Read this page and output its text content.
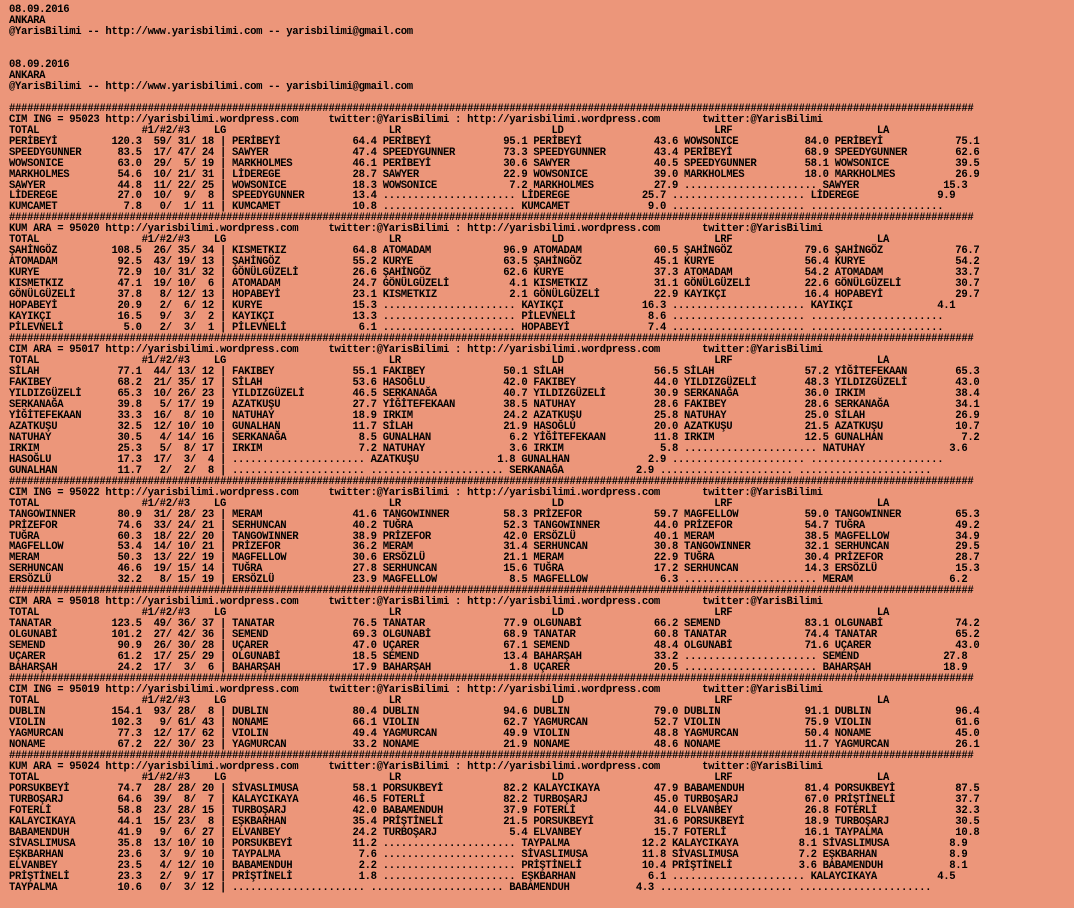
08.09.2016
ANKARA
@YarisBilimi -- http://www.yarisbilimi.com -- yarisbilimi@gmail.com
08.09.2016
ANKARA
@YarisBilimi -- http://www.yarisbilimi.com -- yarisbilimi@gmail.com
################################################################################################################################################################
CIM ING = 95023 http://yarisbilimi.wordpress.com     twitter:@YarisBilimi : http://yarisbilimi.wordpress.com       twitter:@YarisBilimi
TOTAL                 #1/#2/#3    LG                           LR                         LD                         LRF                        LA
PERİBEYİ         120.3  59/ 31/ 18 | PERİBEYİ            64.4 PERİBEYİ            95.1 PERİBEYİ            43.6 WOWSONICE           84.0 PERİBEYİ            75.1
SPEEDYGUNNER      83.5  17/ 47/ 24 | SAWYER              47.4 SPEEDYGUNNER        73.3 SPEEDYGUNNER        43.4 PERİBEYİ            68.9 SPEEDYGUNNER        62.6
WOWSONICE         63.0  29/  5/ 19 | MARKHOLMES          46.1 PERİBEYİ            30.6 SAWYER              40.5 SPEEDYGUNNER        58.1 WOWSONICE           39.5
MARKHOLMES        54.6  10/ 21/ 31 | LİDEREGE            28.7 SAWYER              22.9 WOWSONICE           39.0 MARKHOLMES          18.0 MARKHOLMES          26.9
SAWYER            44.8  11/ 22/ 25 | WOWSONICE           18.3 WOWSONICE            7.2 MARKHOLMES          27.9 ...................... SAWYER              15.3
LİDEREGE          27.0  10/  9/  8 | SPEEDYGUNNER        13.4 ...................... LİDEREGE            25.7 ...................... LİDEREGE             9.9
KUMCAMET           7.8   0/  1/ 11 | KUMCAMET            10.8 ...................... KUMCAMET             9.0 ...................... ......................
################################################################################################################################################################
KUM ARA = 95020 http://yarisbilimi.wordpress.com     twitter:@YarisBilimi : http://yarisbilimi.wordpress.com       twitter:@YarisBilimi
TOTAL                 #1/#2/#3    LG                           LR                         LD                         LRF                        LA
ŞAHİNGÖZ         108.5  26/ 35/ 34 | KISMETKIZ           64.8 ATOMADAM            96.9 ATOMADAM            60.5 ŞAHİNGÖZ            79.6 ŞAHİNGÖZ            76.7
ATOMADAM          92.5  43/ 19/ 13 | ŞAHİNGÖZ            55.2 KURYE               63.5 ŞAHİNGÖZ            45.1 KURYE               56.4 KURYE               54.2
KURYE             72.9  10/ 31/ 32 | GÖNÜLGÜZELİ         26.6 ŞAHİNGÖZ            62.6 KURYE               37.3 ATOMADAM            54.2 ATOMADAM            33.7
KISMETKIZ         47.1  19/ 10/  6 | ATOMADAM            24.7 GÖNÜLGÜZELİ          4.1 KISMETKIZ           31.1 GÖNÜLGÜZELİ         22.6 GÖNÜLGÜZELİ         30.7
GÖNÜLGÜZELİ       37.8   8/ 12/ 13 | HOPABEYİ            23.1 KISMETKIZ            2.1 GÖNÜLGÜZELİ         22.9 KAYIKÇI             16.4 HOPABEYİ            29.7
HOPABEYİ          20.9   2/  6/ 12 | KURYE               15.3 ...................... KAYIKÇI             16.3 ...................... KAYIKÇI              4.1
KAYIKÇI           16.5   9/  3/  2 | KAYIKÇI             13.3 ...................... PİLEVNELİ            8.6 ...................... ......................
PİLEVNELİ          5.0   2/  3/  1 | PİLEVNELİ            6.1 ...................... HOPABEYİ             7.4 ...................... ......................
################################################################################################################################################################
CIM ARA = 95017 http://yarisbilimi.wordpress.com     twitter:@YarisBilimi : http://yarisbilimi.wordpress.com       twitter:@YarisBilimi
TOTAL                 #1/#2/#3    LG                           LR                         LD                         LRF                        LA
SİLAH             77.1  44/ 13/ 12 | FAKIBEY             55.1 FAKIBEY             50.1 SİLAH               56.5 SİLAH               57.2 YİĞİTEFEKAAN        65.3
FAKIBEY           68.2  21/ 35/ 17 | SİLAH               53.6 HASOĞLU             42.0 FAKIBEY             44.0 YILDIZGÜZELİ        48.3 YILDIZGÜZELİ        43.0
YILDIZGÜZELİ      65.3  10/ 26/ 23 | YILDIZGÜZELİ        46.5 SERKANAĞA           40.7 YILDIZGÜZELİ        30.9 SERKANAĞA           36.0 IRKIM               38.4
SERKANAĞA         39.8   5/ 17/ 19 | AZATKUŞU            27.7 YİĞİTEFEKAAN        38.5 NATUHAY             28.6 FAKIBEY             28.6 SERKANAĞA           34.1
YİĞİTEFEKAAN      33.3  16/  8/ 10 | NATUHAY             18.9 IRKIM               24.2 AZATKUŞU            25.8 NATUHAY             25.0 SİLAH               26.9
AZATKUŞU          32.5  12/ 10/ 10 | GUNALHAN            11.7 SİLAH               21.9 HASOĞLU             20.0 AZATKUŞU            21.5 AZATKUŞU            10.7
NATUHAY           30.5   4/ 14/ 16 | SERKANAĞA            8.5 GUNALHAN             6.2 YİĞİTEFEKAAN        11.8 IRKIM               12.5 GUNALHAN             7.2
IRKIM             25.3   5/  8/ 17 | IRKIM                7.2 NATUHAY              3.6 IRKIM                5.8 ...................... NATUHAY              3.6
HASOĞLU           17.3  17/  3/  4 | ...................... AZATKUŞU             1.8 GUNALHAN             2.9 ...................... ......................
GUNALHAN          11.7   2/  2/  8 | ...................... ...................... SERKANAĞA            2.9 ...................... ......................
################################################################################################################################################################
CIM ING = 95022 http://yarisbilimi.wordpress.com     twitter:@YarisBilimi : http://yarisbilimi.wordpress.com       twitter:@YarisBilimi
TOTAL                 #1/#2/#3    LG                           LR                         LD                         LRF                        LA
TANGOWINNER       80.9  31/ 28/ 23 | MERAM               41.6 TANGOWINNER         58.3 PRİZEFOR            59.7 MAGFELLOW           59.0 TANGOWINNER         65.3
PRİZEFOR          74.6  33/ 24/ 21 | SERHUNCAN           40.2 TUĞRA               52.3 TANGOWINNER         44.0 PRİZEFOR            54.7 TUĞRA               49.2
TUĞRA             60.3  18/ 22/ 20 | TANGOWINNER         38.9 PRİZEFOR            42.0 ERSÖZLÜ             40.1 MERAM               38.5 MAGFELLOW           34.9
MAGFELLOW         53.4  14/ 10/ 21 | PRİZEFOR            36.2 MERAM               31.4 SERHUNCAN           30.8 TANGOWINNER         32.1 SERHUNCAN           29.5
MERAM             50.3  13/ 22/ 19 | MAGFELLOW           30.6 ERSÖZLÜ             21.1 MERAM               22.9 TUĞRA               30.4 PRİZEFOR            28.7
SERHUNCAN         46.6  19/ 15/ 14 | TUĞRA               27.8 SERHUNCAN           15.6 TUĞRA               17.2 SERHUNCAN           14.3 ERSÖZLÜ             15.3
ERSÖZLÜ           32.2   8/ 15/ 19 | ERSÖZLÜ             23.9 MAGFELLOW            8.5 MAGFELLOW            6.3 ...................... MERAM                6.2
################################################################################################################################################################
CIM ARA = 95018 http://yarisbilimi.wordpress.com     twitter:@YarisBilimi : http://yarisbilimi.wordpress.com       twitter:@YarisBilimi
TOTAL                 #1/#2/#3    LG                           LR                         LD                         LRF                        LA
TANATAR          123.5  49/ 36/ 37 | TANATAR             76.5 TANATAR             77.9 OLGUNABİ            66.2 SEMEND              83.1 OLGUNABİ            74.2
OLGUNABİ         101.2  27/ 42/ 36 | SEMEND              69.3 OLGUNABİ            68.9 TANATAR             60.8 TANATAR             74.4 TANATAR             65.2
SEMEND            90.9  26/ 30/ 28 | UÇARER              47.0 UÇARER              67.1 SEMEND              48.4 OLGUNABİ            71.6 UÇARER              43.0
UÇARER            61.2  17/ 25/ 29 | OLGUNABİ            18.5 SEMEND              13.4 BAHARŞAH            33.2 ...................... SEMEND              27.8
BAHARŞAH          24.2  17/  3/  6 | BAHARŞAH            17.9 BAHARŞAH             1.8 UÇARER              20.5 ...................... BAHARŞAH            18.9
################################################################################################################################################################
CIM ING = 95019 http://yarisbilimi.wordpress.com     twitter:@YarisBilimi : http://yarisbilimi.wordpress.com       twitter:@YarisBilimi
TOTAL                 #1/#2/#3    LG                           LR                         LD                         LRF                        LA
DUBLIN           154.1  93/ 28/  8 | DUBLIN              80.4 DUBLIN              94.6 DUBLIN              79.0 DUBLIN              91.1 DUBLIN              96.4
VIOLIN           102.3   9/ 61/ 43 | NONAME              66.1 VIOLIN              62.7 YAGMURCAN           52.7 VIOLIN              75.9 VIOLIN              61.6
YAGMURCAN         77.3  12/ 17/ 62 | VIOLIN              49.4 YAGMURCAN           49.9 VIOLIN              48.8 YAGMURCAN           50.4 NONAME              45.0
NONAME            67.2  22/ 30/ 23 | YAGMURCAN           33.2 NONAME              21.9 NONAME              48.6 NONAME              11.7 YAGMURCAN           26.1
################################################################################################################################################################
KUM ARA = 95024 http://yarisbilimi.wordpress.com     twitter:@YarisBilimi : http://yarisbilimi.wordpress.com       twitter:@YarisBilimi
TOTAL                 #1/#2/#3    LG                           LR                         LD                         LRF                        LA
PORSUKBEYİ        74.7  28/ 28/ 20 | SİVASLIMUSA         58.1 PORSUKBEYİ          82.2 KALAYCIKAYA         47.9 BABAMENDUH          81.4 PORSUKBEYİ          87.5
TURBOŞARJ         64.6  39/  8/  7 | KALAYCIKAYA         46.5 FOTERLİ             82.2 TURBOŞARJ           45.0 TURBOŞARJ           67.0 PRİŞTİNELİ          37.7
FOTERLİ           58.8  23/ 28/ 15 | TURBOŞARJ           42.0 BABAMENDUH          37.9 FOTERLİ             44.0 ELVANBEY            26.8 FOTERLİ             32.3
KALAYCIKAYA       44.1  15/ 23/  8 | EŞKBARHAN           35.4 PRİŞTİNELİ          21.5 PORSUKBEYİ          31.6 PORSUKBEYİ          18.9 TURBOŞARJ           30.5
BABAMENDUH        41.9   9/  6/ 27 | ELVANBEY            24.2 TURBOŞARJ            5.4 ELVANBEY            15.7 FOTERLİ             16.1 TAYPALMA            10.8
SİVASLIMUSA       35.8  13/ 10/ 10 | PORSUKBEYİ          11.2 ...................... TAYPALMA            12.2 KALAYCIKAYA          8.1 SİVASLIMUSA          8.9
EŞKBARHAN         23.6   3/  9/ 10 | TAYPALMA             7.6 ...................... SİVASLIMUSA         11.8 SİVASLIMUSA          7.2 EŞKBARHAN            8.9
ELVANBEY          23.5   4/ 12/ 10 | BABAMENDUH           2.2 ...................... PRİŞTİNELİ          10.4 PRİŞTİNELİ           3.6 BABAMENDUH           8.1
PRİŞTİNELİ        23.3   2/  9/ 17 | PRİŞTİNELİ           1.8 ...................... EŞKBARHAN            6.1 ...................... KALAYCIKAYA          4.5
TAYPALMA          10.6   0/  3/ 12 | ...................... ...................... BABAMENDUH           4.3 ...................... ......................
